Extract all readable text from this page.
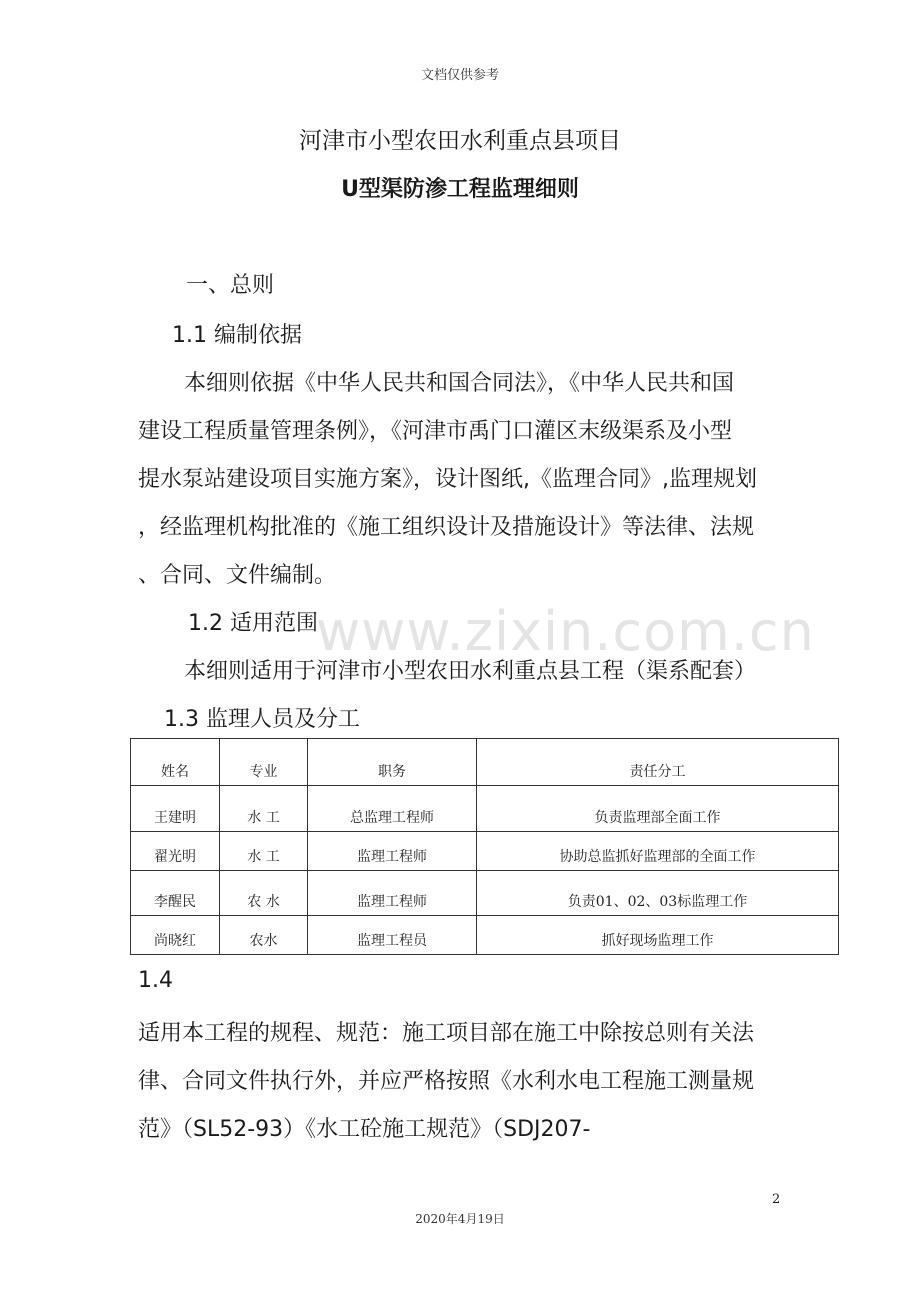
文档仅供参考
河津市小型农田水利重点县项目
U型渠防渗工程监理细则
www.zixin.com.cn
一、总则
1.1 编制依据
本细则依据《中华人民共和国合同法》，《中华人民共和国
建设工程质量管理条例》，《河津市禹门口灌区末级渠系及小型
提水泵站建设项目实施方案》，设计图纸,《监理合同》,监理规划
，经监理机构批准的《施工组织设计及措施设计》等法律、法规
、合同、文件编制。
1.2 适用范围
本细则适用于河津市小型农田水利重点县工程（渠系配套）
1.3 监理人员及分工
姓名	专业	职务	责任分工
王建明	水 工	总监理工程师	负责监理部全面工作
翟光明	水 工	监理工程师	协助总监抓好监理部的全面工作
李醒民	农 水	监理工程师	负责01、02、03标监理工作
尚晓红	农水	监理工程员	抓好现场监理工作
1.4
适用本工程的规程、规范：施工项目部在施工中除按总则有关法
律、合同文件执行外，并应严格按照《水利水电工程施工测量规
范》（SL52-93）《水工砼施工规范》（SDJ207-
2
2020年4月19日
